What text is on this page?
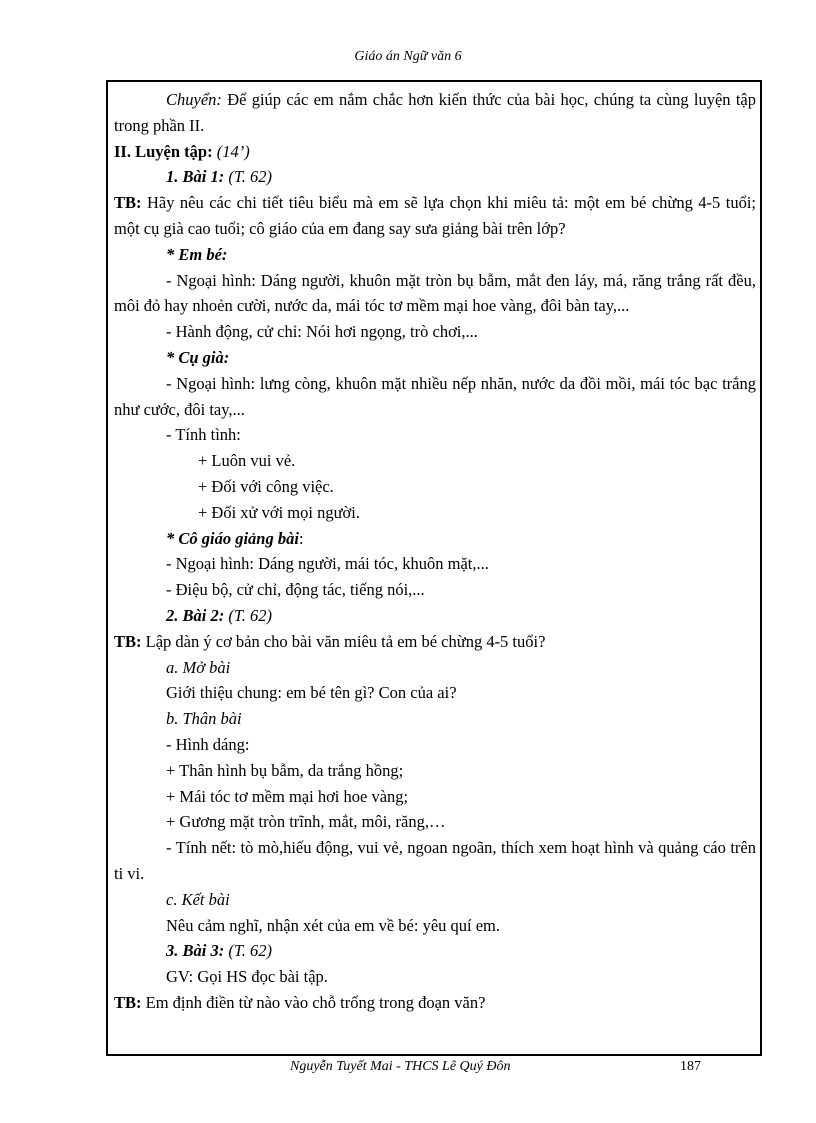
Giáo án Ngữ văn 6
Chuyển: Để giúp các em nắm chắc hơn kiến thức của bài học, chúng ta cùng luyện tập trong phần II.
II. Luyện tập: (14’)
1. Bài 1: (T. 62)
TB: Hãy nêu các chi tiết tiêu biểu mà em sẽ lựa chọn khi miêu tả: một em bé chừng 4-5 tuổi; một cụ già cao tuổi; cô giáo của em đang say sưa giảng bài trên lớp?
* Em bé:
- Ngoại hình: Dáng người, khuôn mặt tròn bụ bẫm, mắt đen láy, má, răng trắng rất đều, môi đỏ hay nhoẻn cười, nước da, mái tóc tơ mềm mại hoe vàng, đôi bàn tay,...
- Hành động, cử chỉ: Nói hơi ngọng, trò chơi,...
* Cụ già:
- Ngoại hình: lưng còng, khuôn mặt nhiều nếp nhăn, nước da đồi mồi, mái tóc bạc trắng như cước, đôi tay,...
- Tính tình:
+ Luôn vui vẻ.
+ Đối với công việc.
+ Đối xử với mọi người.
* Cô giáo giảng bài:
- Ngoại hình: Dáng người, mái tóc, khuôn mặt,...
- Điệu bộ, cử chỉ, động tác, tiếng nói,...
2. Bài 2: (T. 62)
TB: Lập dàn ý cơ bản cho bài văn miêu tả em bé chừng 4-5 tuổi?
a. Mở bài
Giới thiệu chung: em bé tên gì? Con của ai?
b. Thân bài
- Hình dáng:
+ Thân hình bụ bẫm, da trắng hồng;
+ Mái tóc tơ mềm mại hơi hoe vàng;
+ Gương mặt tròn trĩnh, mắt, môi, răng,…
- Tính nết: tò mò,hiếu động, vui vẻ, ngoan ngoãn, thích xem hoạt hình và quảng cáo trên ti vi.
c. Kết bài
Nêu cảm nghĩ, nhận xét của em về bé: yêu quí em.
3. Bài 3: (T. 62)
GV: Gọi HS đọc bài tập.
TB: Em định điền từ nào vào chỗ trống trong đoạn văn?
Nguyễn Tuyết Mai - THCS Lê Quý Đôn	187
